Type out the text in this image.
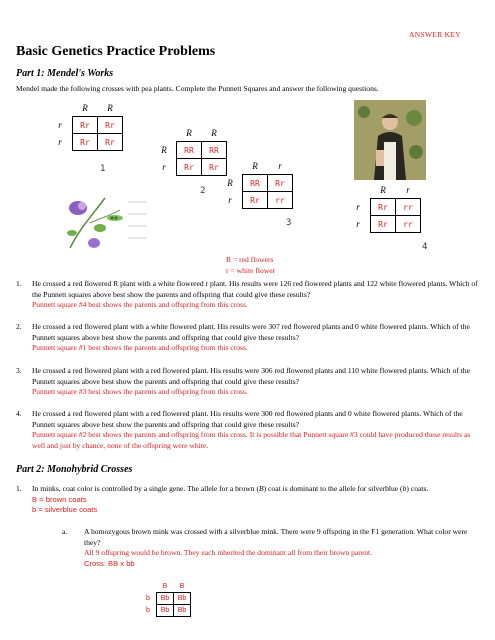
ANSWER KEY
Basic Genetics Practice Problems
Part 1: Mendel's Works
Mendel made the following crosses with pea plants. Complete the Punnett Squares and answer the following questions.
	R	R
r	Rr	Rr
r	Rr	Rr
1
	R	R
R	RR	RR
r	Rr	Rr
2
	R	r
R	RR	Rr
r	Rr	rr
3
	R	r
r	Rr	rr
r	Rr	rr
4
R = red flowers
r = white flower
1. He crossed a red flowered R plant with a white flowered r plant. His results were 126 red flowered plants and 122 white flowered plants. Which of the Punnett squares above best show the parents and offspring that could give these results?
Punnett square #4 best shows the parents and offspring from this cross.
2. He crossed a red flowered plant with a white flowered plant. His results were 307 red flowered plants and 0 white flowered plants. Which of the Punnett squares above best show the parents and offspring that could give these results?
Punnett square #1 best shows the parents and offspring from this cross.
3. He crossed a red flowered plant with a red flowered plant. His results were 306 red flowered plants and 110 white flowered plants. Which of the Punnett squares above best show the parents and offspring that could give these results?
Punnett square #3 best shows the parents and offspring from this cross.
4. He crossed a red flowered plant with a red flowered plant. His results were 300 red flowered plants and 0 white flowered plants. Which of the Punnett squares above best show the parents and offspring that could give these results?
Punnett square #2 best shows the parents and offspring from this cross. It is possible that Punnett square #3 could have produced these results as well and just by chance, none of the offspring were white.
Part 2: Monohybrid Crosses
1. In minks, coat color is controlled by a single gene. The allele for a brown (B) coat is dominant to the allele for silverblue (b) coats.
B = brown coats
b = silverblue coats
a. A homozygous brown mink was crossed with a silverblue mink. There were 9 offspring in the F1 generation. What color were they?
All 9 offspring would be brown. They each inherited the dominant all from their brown parent.
Cross: BB x bb
	B	B
b	Bb	Bb
b	Bb	Bb
